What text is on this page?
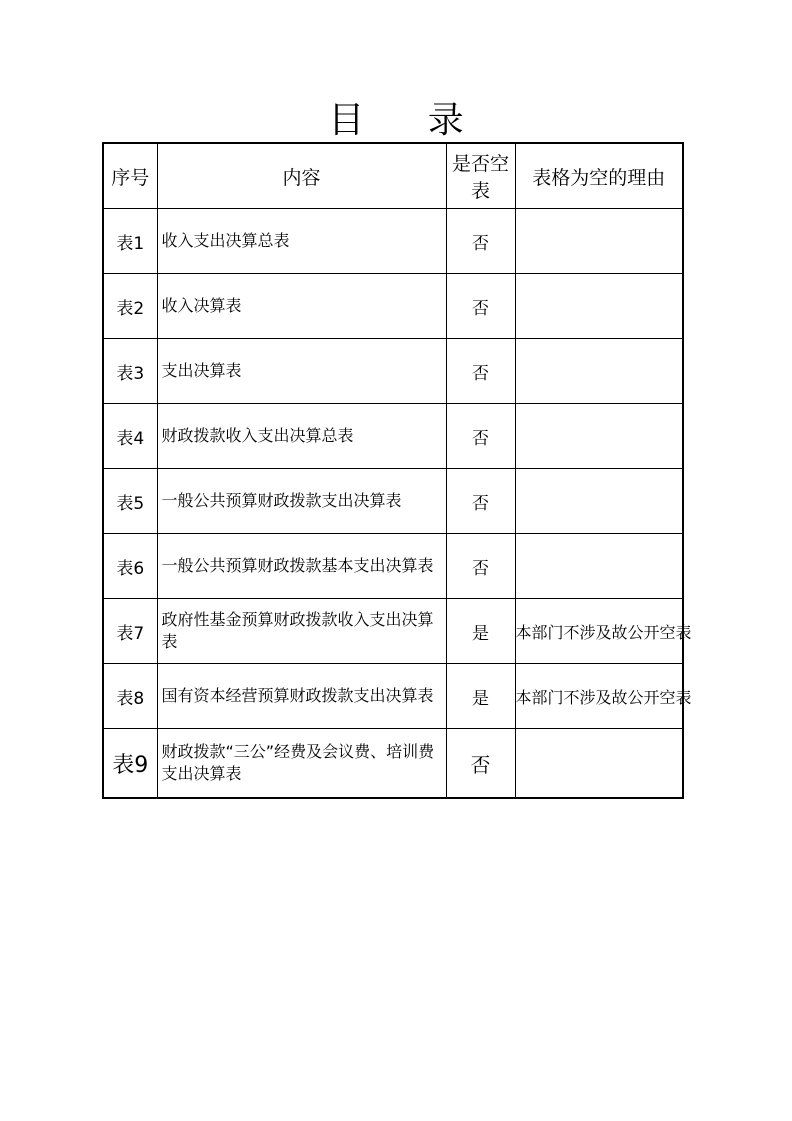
目 录
序号	内容	是否空表	表格为空的理由
表1	收入支出决算总表	否	
表2	收入决算表	否	
表3	支出决算表	否	
表4	财政拨款收入支出决算总表	否	
表5	一般公共预算财政拨款支出决算表	否	
表6	一般公共预算财政拨款基本支出决算表	否	
表7	政府性基金预算财政拨款收入支出决算表	是	本部门不涉及故公开空表
表8	国有资本经营预算财政拨款支出决算表	是	本部门不涉及故公开空表
表9	财政拨款“三公”经费及会议费、培训费支出决算表	否	
